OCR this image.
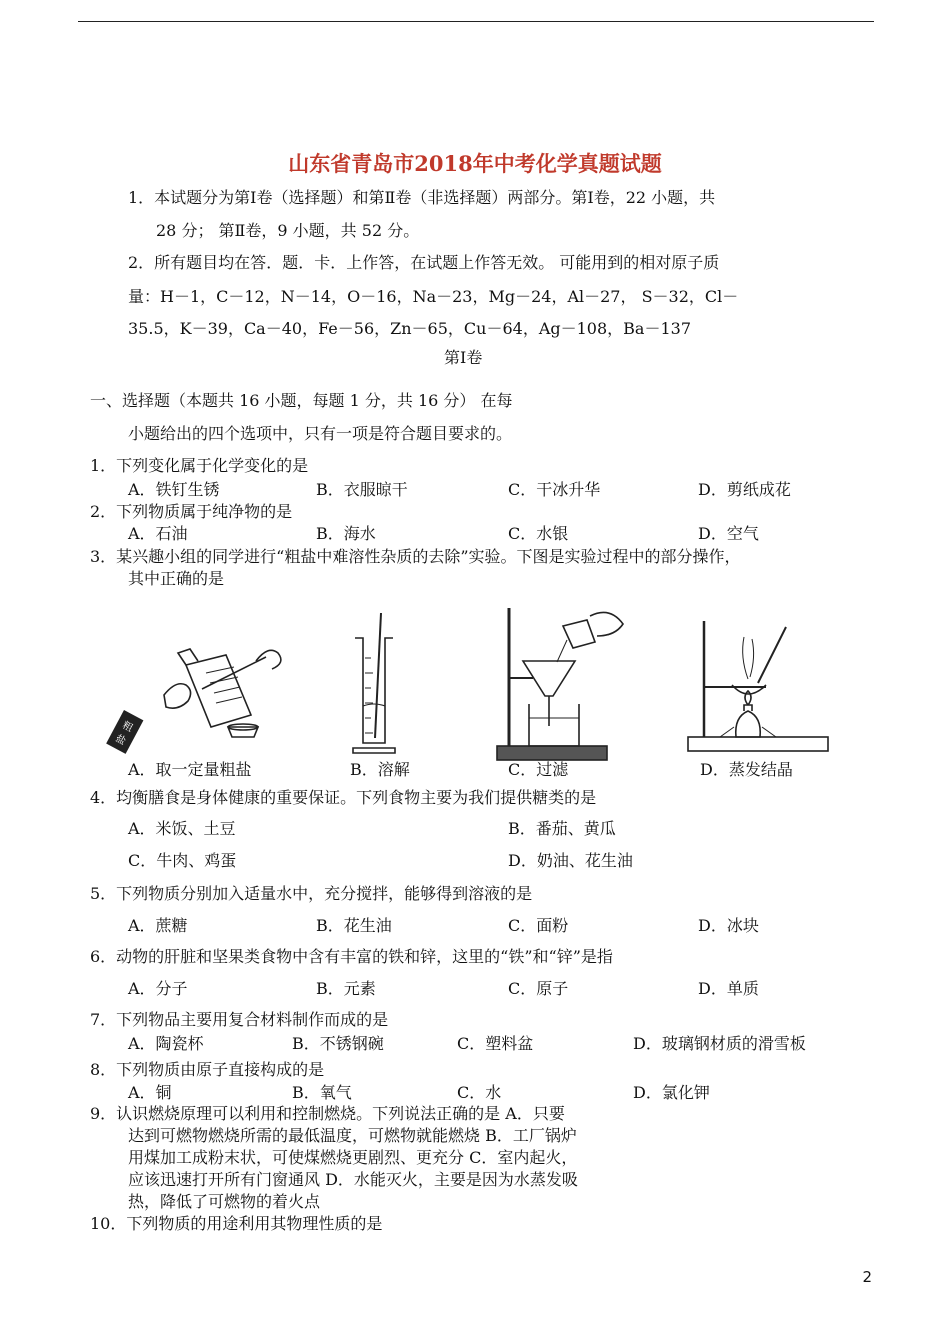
山东省青岛市2018年中考化学真题试题
1．本试题分为第Ⅰ卷（选择题）和第Ⅱ卷（非选择题）两部分。第Ⅰ卷，22 小题，共
28 分； 第Ⅱ卷，9 小题，共 52 分。
2．所有题目均在答．题．卡．上作答，在试题上作答无效。 可能用到的相对原子质
量：H－1，C－12，N－14，O－16，Na－23，Mg－24，Al－27， S－32，Cl－
35.5，K－39，Ca－40，Fe－56，Zn－65，Cu－64，Ag－108，Ba－137
第Ⅰ卷
一、选择题（本题共 16 小题，每题 1 分，共 16 分） 在每
小题给出的四个选项中，只有一项是符合题目要求的。
1．下列变化属于化学变化的是
A．铁钉生锈	B．衣服晾干	C．干冰升华	D．剪纸成花
2．下列物质属于纯净物的是
A．石油	B．海水	C．水银	D．空气
3．某兴趣小组的同学进行“粗盐中难溶性杂质的去除”实验。下图是实验过程中的部分操作，
其中正确的是
粗
盐
A．取一定量粗盐	B．溶解	C．过滤	D．蒸发结晶
4．均衡膳食是身体健康的重要保证。下列食物主要为我们提供糖类的是
A．米饭、土豆	B．番茄、黄瓜
C．牛肉、鸡蛋	D．奶油、花生油
5．下列物质分别加入适量水中，充分搅拌，能够得到溶液的是
A．蔗糖	B．花生油	C．面粉	D．冰块
6．动物的肝脏和坚果类食物中含有丰富的铁和锌，这里的“铁”和“锌”是指
A．分子	B．元素	C．原子	D．单质
7．下列物品主要用复合材料制作而成的是
A．陶瓷杯	B．不锈钢碗	C．塑料盆	D．玻璃钢材质的滑雪板
8．下列物质由原子直接构成的是
A．铜	B．氧气	C．水	D．氯化钾
9．认识燃烧原理可以利用和控制燃烧。下列说法正确的是 A．只要
达到可燃物燃烧所需的最低温度，可燃物就能燃烧 B．工厂锅炉
用煤加工成粉末状，可使煤燃烧更剧烈、更充分 C．室内起火，
应该迅速打开所有门窗通风 D．水能灭火，主要是因为水蒸发吸
热，降低了可燃物的着火点
10．下列物质的用途利用其物理性质的是
2
